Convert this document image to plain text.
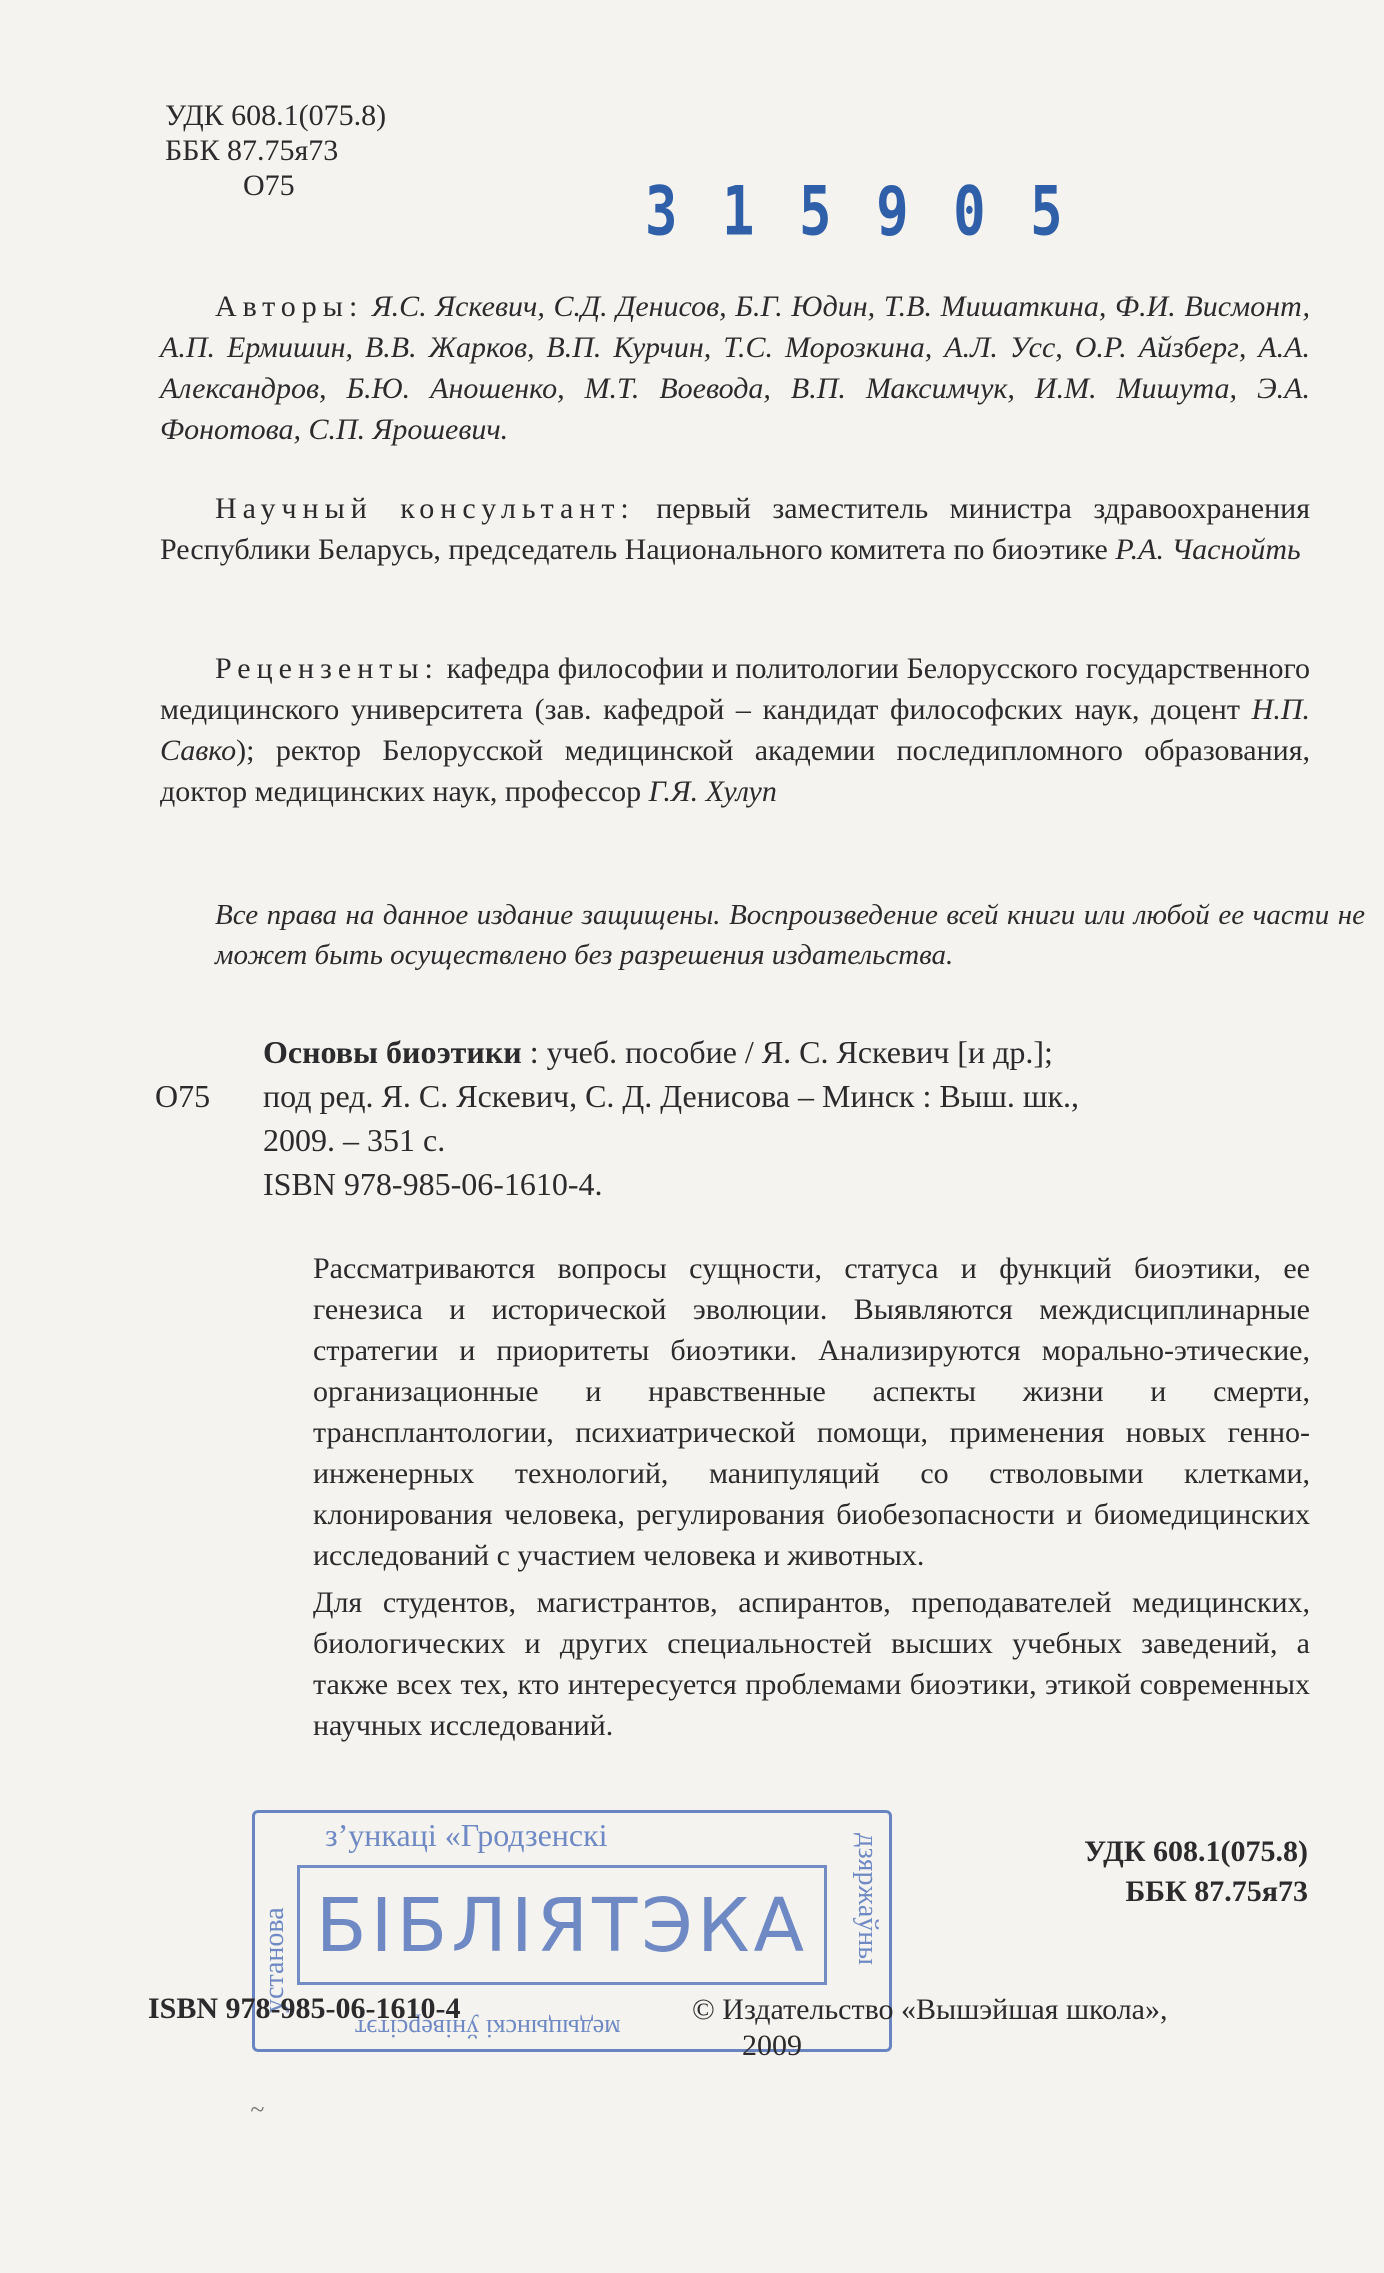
УДК 608.1(075.8)
ББК 87.75я73
О75	3 1 5 9 0 5
Авторы: Я.С. Яскевич, С.Д. Денисов, Б.Г. Юдин, Т.В. Мишаткина, Ф.И. Висмонт, А.П. Ермишин, В.В. Жарков, В.П. Курчин, Т.С. Морозкина, А.Л. Усс, О.Р. Айзберг, А.А. Александров, Б.Ю. Аношенко, М.Т. Воевода, В.П. Максимчук, И.М. Мишута, Э.А. Фонотова, С.П. Ярошевич.
Научный консультант: первый заместитель министра здравоохранения Республики Беларусь, председатель Национального комитета по биоэтике Р.А. Часнойть
Рецензенты: кафедра философии и политологии Белорусского государственного медицинского университета (зав. кафедрой – кандидат философских наук, доцент Н.П. Савко); ректор Белорусской медицинской академии последипломного образования, доктор медицинских наук, профессор Г.Я. Хулуп
Все права на данное издание защищены. Воспроизведение всей книги или любой ее части не может быть осуществлено без разрешения издательства.
Основы биоэтики : учеб. пособие / Я. С. Яскевич [и др.];
О75	под ред. Я. С. Яскевич, С. Д. Денисова – Минск : Выш. шк.,
2009. – 351 с.
ISBN 978-985-06-1610-4.

Рассматриваются вопросы сущности, статуса и функций биоэтики, ее генезиса и исторической эволюции. Выявляются междисциплинарные стратегии и приоритеты биоэтики. Анализируются морально-этические, организационные и нравственные аспекты жизни и смерти, трансплантологии, психиатрической помощи, применения новых генно-инженерных технологий, манипуляций со стволовыми клетками, клонирования человека, регулирования биобезопасности и биомедицинских исследований с участием человека и животных.

Для студентов, магистрантов, аспирантов, преподавателей медицинских, биологических и других специальностей высших учебных заведений, а также всех тех, кто интересуется проблемами биоэтики, этикой современных научных исследований.

з’ункаці «Гродзенскі
установа БІБЛІЯТЭКА	дзяржаўны
медыцынскі ўніверсітэт
УДК 608.1(075.8)
ББК 87.75я73
ISBN 978-985-06-1610-4	© Издательство «Вышэйшая школа»,
2009
~
